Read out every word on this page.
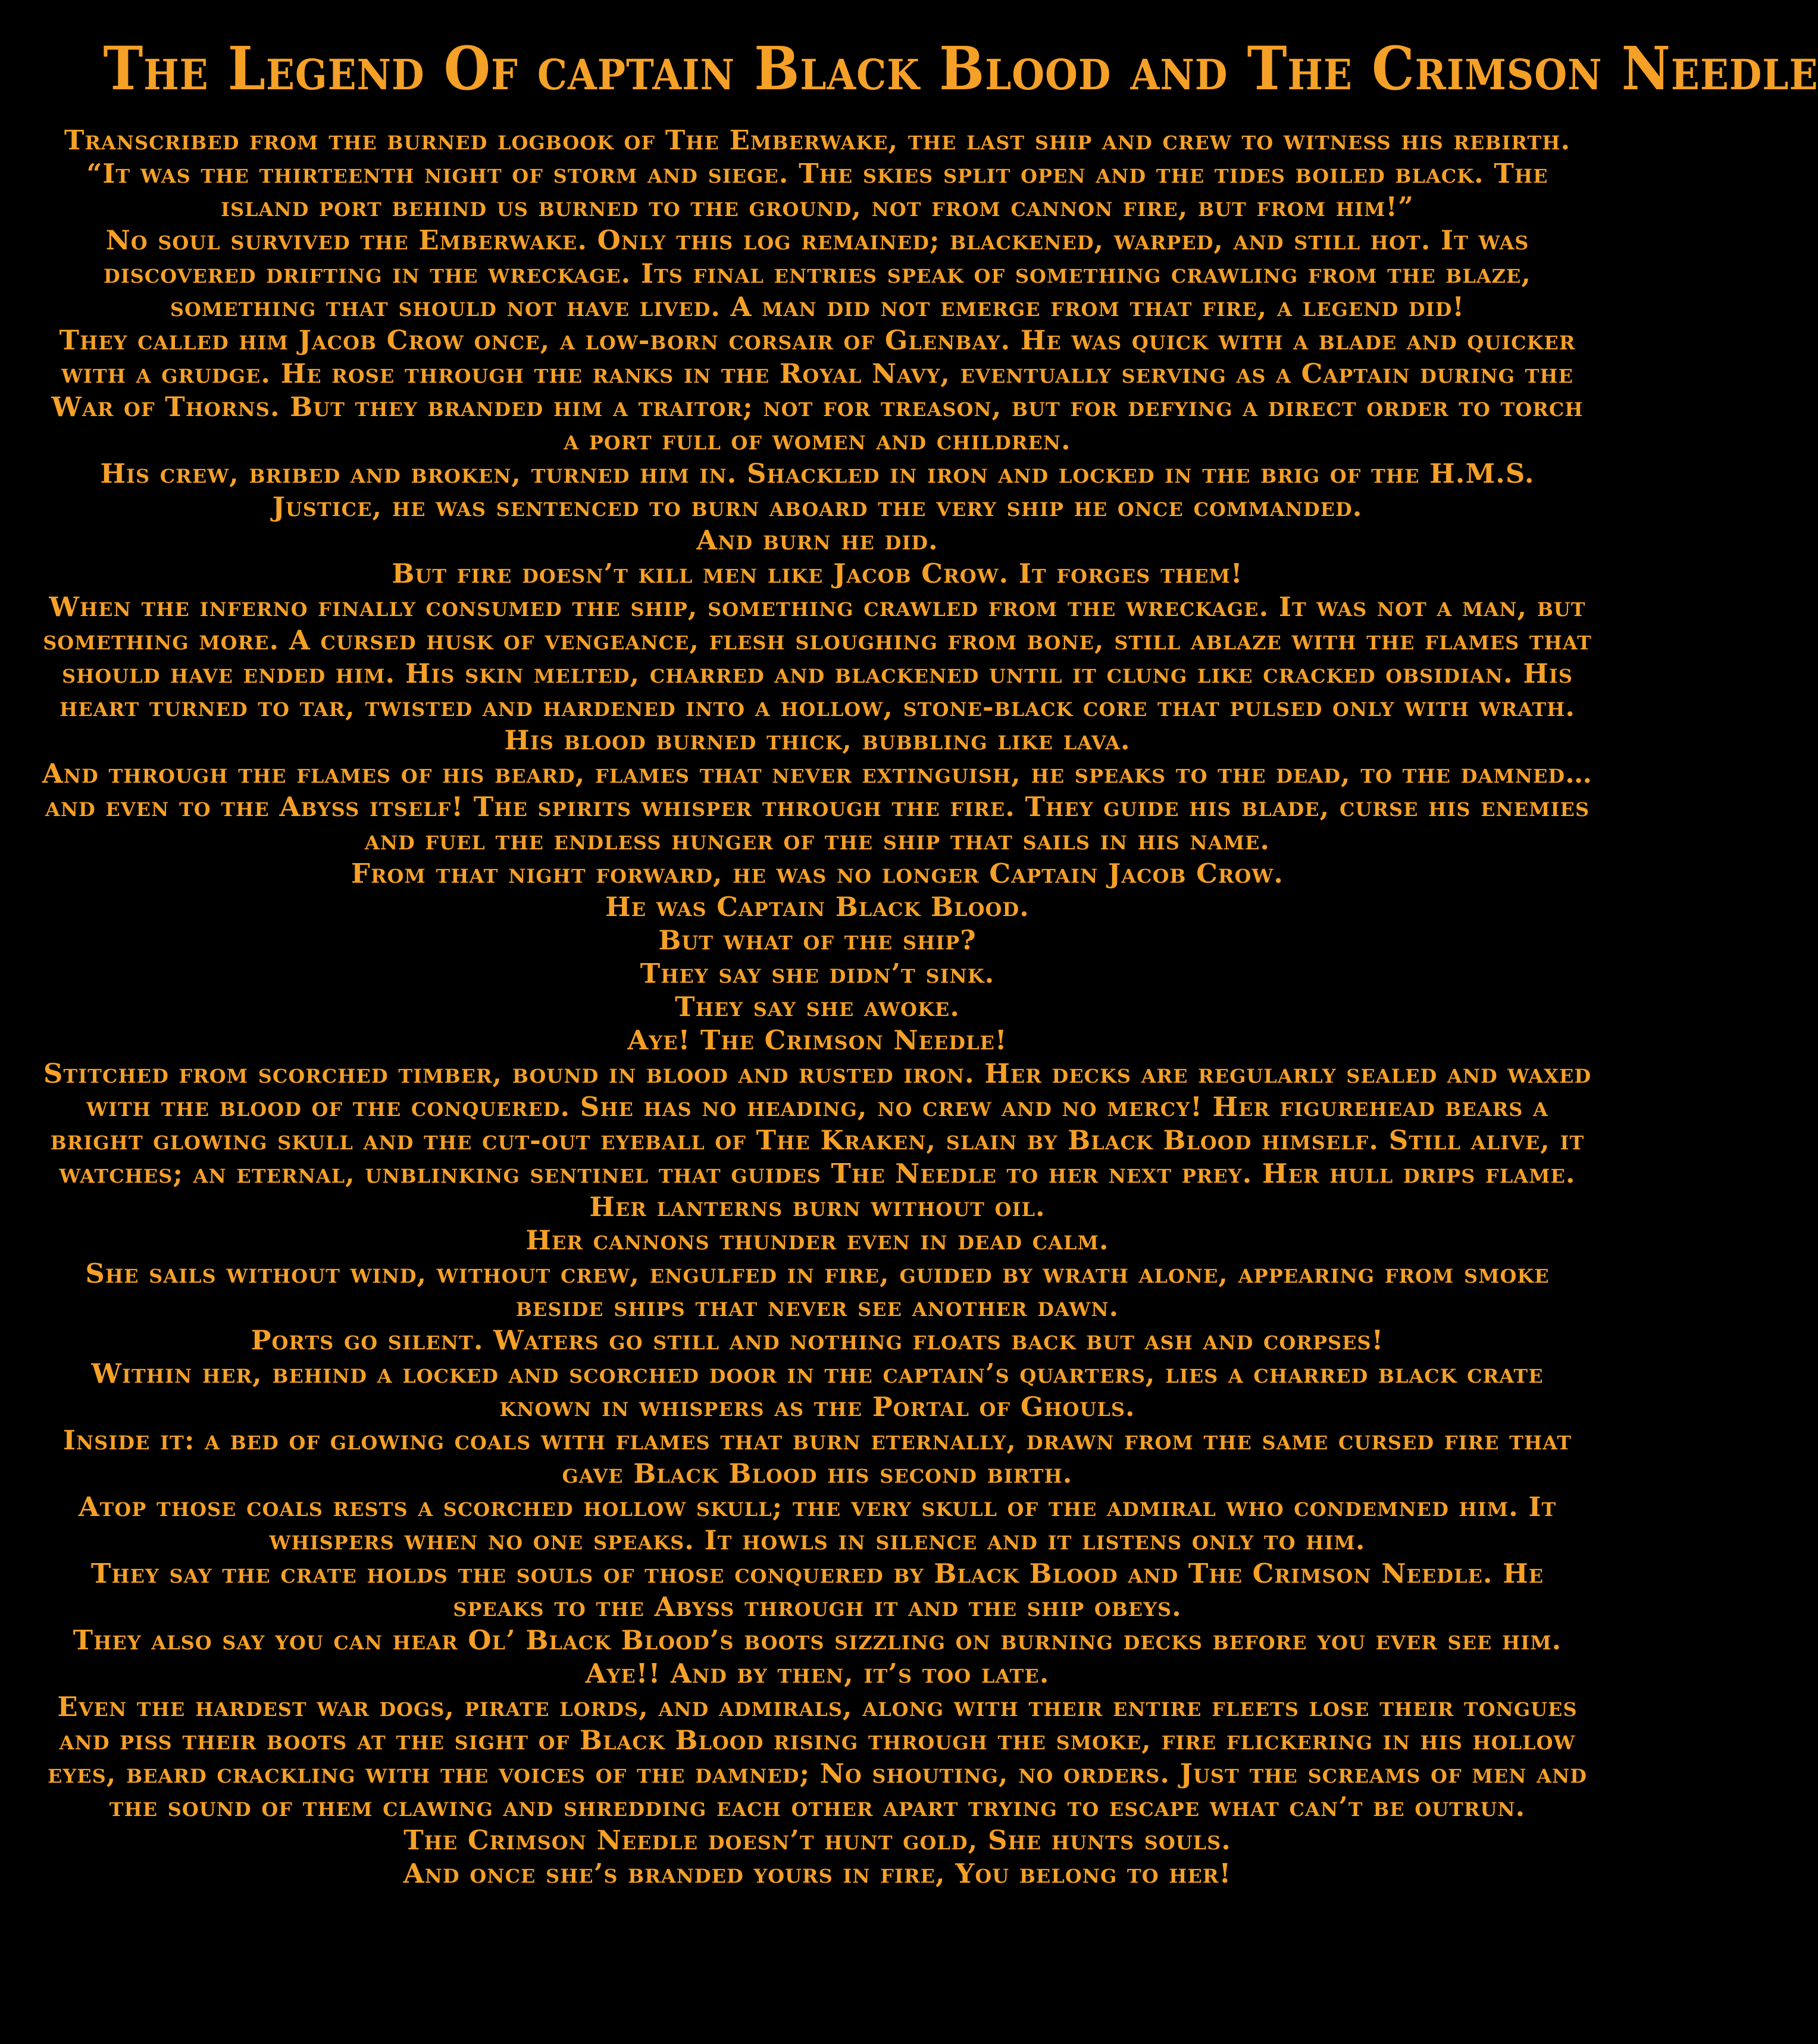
The Legend Of captain Black Blood and The Crimson Needle

Transcribed from the burned logbook of The Emberwake, the last ship and crew to witness his rebirth.

“It was the thirteenth night of storm and siege. The skies split open and the tides boiled black. The island port behind us burned to the ground, not from cannon fire, but from him!”

No soul survived the Emberwake. Only this log remained; blackened, warped, and still hot. It was discovered drifting in the wreckage. Its final entries speak of something crawling from the blaze, something that should not have lived. A man did not emerge from that fire, a legend did!

They called him Jacob Crow once, a low-born corsair of Glenbay. He was quick with a blade and quicker with a grudge. He rose through the ranks in the Royal Navy, eventually serving as a Captain during the War of Thorns. But they branded him a traitor; not for treason, but for defying a direct order to torch a port full of women and children.

His crew, bribed and broken, turned him in. Shackled in iron and locked in the brig of the H.M.S. Justice, he was sentenced to burn aboard the very ship he once commanded.

And burn he did.

But fire doesn’t kill men like Jacob Crow. It forges them!

When the inferno finally consumed the ship, something crawled from the wreckage. It was not a man, but something more. A cursed husk of vengeance, flesh sloughing from bone, still ablaze with the flames that should have ended him. His skin melted, charred and blackened until it clung like cracked obsidian. His heart turned to tar, twisted and hardened into a hollow, stone-black core that pulsed only with wrath. His blood burned thick, bubbling like lava.

And through the flames of his beard, flames that never extinguish, he speaks to the dead, to the damned… and even to the Abyss itself! The spirits whisper through the fire. They guide his blade, curse his enemies and fuel the endless hunger of the ship that sails in his name.

From that night forward, he was no longer Captain Jacob Crow.

He was Captain Black Blood.

But what of the ship?

They say she didn’t sink.

They say she awoke.

Aye! The Crimson Needle!

Stitched from scorched timber, bound in blood and rusted iron. Her decks are regularly sealed and waxed with the blood of the conquered. She has no heading, no crew and no mercy! Her figurehead bears a bright glowing skull and the cut-out eyeball of The Kraken, slain by Black Blood himself. Still alive, it watches; an eternal, unblinking sentinel that guides The Needle to her next prey. Her hull drips flame.

Her lanterns burn without oil.

Her cannons thunder even in dead calm.

She sails without wind, without crew, engulfed in fire, guided by wrath alone, appearing from smoke beside ships that never see another dawn.

Ports go silent. Waters go still and nothing floats back but ash and corpses!

Within her, behind a locked and scorched door in the captain’s quarters, lies a charred black crate known in whispers as the Portal of Ghouls.

Inside it: a bed of glowing coals with flames that burn eternally, drawn from the same cursed fire that gave Black Blood his second birth.

Atop those coals rests a scorched hollow skull; the very skull of the admiral who condemned him. It whispers when no one speaks. It howls in silence and it listens only to him.

They say the crate holds the souls of those conquered by Black Blood and The Crimson Needle. He speaks to the Abyss through it and the ship obeys.

They also say you can hear Ol’ Black Blood’s boots sizzling on burning decks before you ever see him. Aye!! And by then, it’s too late.

Even the hardest war dogs, pirate lords, and admirals, along with their entire fleets lose their tongues and piss their boots at the sight of Black Blood rising through the smoke, fire flickering in his hollow eyes, beard crackling with the voices of the damned; No shouting, no orders. Just the screams of men and the sound of them clawing and shredding each other apart trying to escape what can’t be outrun.

The Crimson Needle doesn’t hunt gold, She hunts souls.

And once she’s branded yours in fire, You belong to her!
